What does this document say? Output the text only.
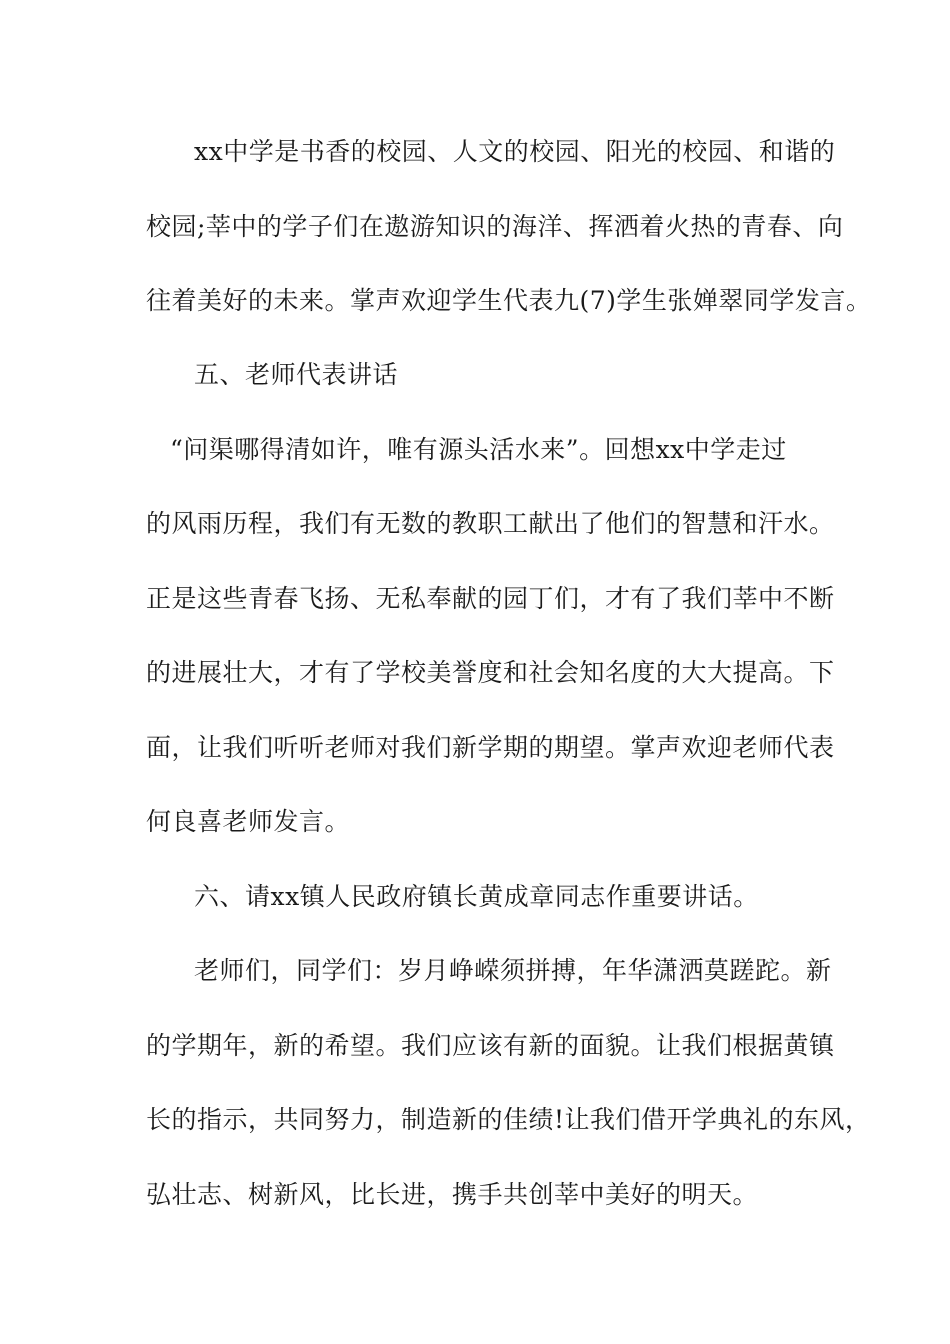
xx中学是书香的校园、人文的校园、阳光的校园、和谐的
校园;莘中的学子们在遨游知识的海洋、挥洒着火热的青春、向
往着美好的未来。掌声欢迎学生代表九(7)学生张婵翠同学发言。
五、老师代表讲话
“问渠哪得清如许，唯有源头活水来”。回想xx中学走过
的风雨历程，我们有无数的教职工献出了他们的智慧和汗水。
正是这些青春飞扬、无私奉献的园丁们，才有了我们莘中不断
的进展壮大，才有了学校美誉度和社会知名度的大大提高。下
面，让我们听听老师对我们新学期的期望。掌声欢迎老师代表
何良喜老师发言。
六、请xx镇人民政府镇长黄成章同志作重要讲话。
老师们，同学们：岁月峥嵘须拼搏，年华潇洒莫蹉跎。新
的学期年，新的希望。我们应该有新的面貌。让我们根据黄镇
长的指示，共同努力，制造新的佳绩!让我们借开学典礼的东风，
弘壮志、树新风，比长进，携手共创莘中美好的明天。
